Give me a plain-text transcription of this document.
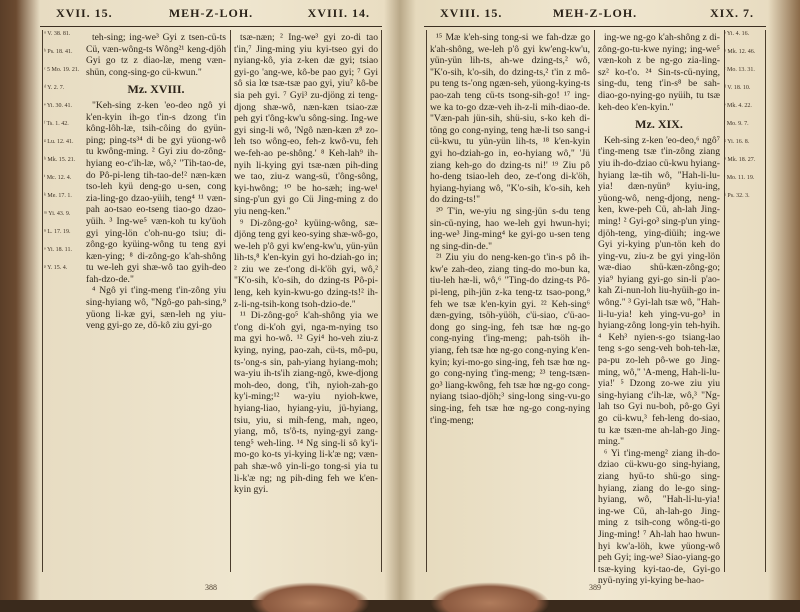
XVII. 15.	MEH-Z-LOH.	XVIII. 14.
ᵅ V. 38. 81.
ᵇ Ps. 18. 41.
ᶜ 5 Mo. 19. 21.
ᵈ Y. 2. 7.
ᵉ Yi. 30. 41.
ᶠ Ts. 1. 42.
ᵍ Lu. 12. 41.
ʰ Mk. 15. 21.
ⁱ Mc. 12. 4.
ᵏ Me. 17. 1.
ᵐ Yi. 43. 9.
ⁿ L. 17. 19.
ᵒ Yi. 18. 11.
ᵖ Y. 15. 4.

teh-sing; ing-we³ Gyi z tsen-cü-ts Cü, væn-wông-ts Wông²¹ keng-djöh Gyi go tz z diao-læ, meng væn-shün, cong-sing-go cü-kwun."

Mz. XVIII.

"Keh-sing z-ken 'eo-deo ngô yi k'en-kyin ih-go t'in-s dzong t'in kông-lôh-læ, tsih-côing do gyün-ping; ping-ts³⁴ di be gyi yüong-wô tu kwông-ming. ² Gyi ziu do-zông-hyiang eo-c'ih-læ, wô,² "Tih-tao-de, do Pô-pi-leng tih-tao-de!² næn-kæn tso-leh kyü deng-go u-sen, cong zia-ling-go dzao-yüih, teng⁴ ¹¹ væn-pah ao-tsao eo-tseng tiao-go dzao-yüih. ³ Ing-we⁵ væn-koh tu ky'üoh gyi ying-lön c'oh-nu-go tsiu; di-zông-go kyüing-wông tu teng gyi kæn-ying; ⁸ di-zông-go k'ah-shông tu we-leh gyi shæ-wô tao gyih-deo fah-dzo-de."

⁴ Ngô yi t'ing-meng t'in-zông yiu sing-hyiang wô, "Ngô-go pah-sing,⁹ yüong li-kæ gyi, sæn-leh ng yiu-veng gyi-go ze, dö-kô ziu gyi-go

tsæ-næn; ² Ing-we³ gyi zo-di tao t'in,⁷ Jing-ming yiu kyi-tseo gyi do nyiang-kô, yia z-ken dæ gyi; tsiao gyi-go 'ang-we, kô-be pao gyi; ⁷ Gyi sô sia lœ tsæ-tsæ pao gyi, yiu⁷ kô-be sia peh gyi. ⁷ Gyi³ zu-djöng zi teng-djong shæ-wô, næn-kæn tsiao-zæ peh gyi t'ông-kw'u sông-sing. Ing-we gyi sing-li wô, 'Ngô næn-kæn z⁸ zo-leh tso wông-eo, feh-z kwô-vu, feh we-feh-ao pe-shông.' ⁸ Keh-lah⁹ ih-nyih li-kying gyi tsæ-næn pih-ding we tao, ziu-z wang-sü, t'ông-sông, kyi-hwông; ¹⁰ be ho-sæh; ing-we¹ sing-p'un gyi go Cü Jing-ming z do yiu neng-ken."

⁹ Di-zông-go² kyüing-wông, sæ-djöng teng gyi keo-sying shæ-wô-go, we-leh p'ô gyi kw'eng-kw'u, yün-yün lih-ts,⁸ k'en-kyin gyi ho-dziah-go in; ² ziu we ze-t'ong di-k'öh gyi, wô,² "K'o-sih, k'o-sih, do dzing-ts Pô-pi-leng, keh kyin-kwu-go dzing-ts!² ih-z-li-ng-tsih-kong tsoh-dzio-de."

¹¹ Di-zông-go⁵ k'ah-shông yia we t'ong di-k'oh gyi, nga-m-nying tso ma gyi ho-wô. ¹² Gyi⁴ ho-veh ziu-z kying, nying, pao-zah, cü-ts, mô-pu, ts-'ong-s sin, pah-yiang hyiang-moh; wa-yiu ih-ts'ih ziang-ngö, kwe-djong moh-deo, dong, t'ih, nyioh-zah-go ky'i-ming;¹² wa-yiu nyioh-kwe, hyiang-liao, hyiang-yiu, jü-hyiang, tsiu, yiu, si mih-feng, mah, ngeo, yiang, mô, ts'ô-ts, nying-gyi zang-teng⁵ weh-ling. ¹⁴ Ng sing-li sô ky'i-mo-go ko-ts yi-kying li-k'æ ng; væn-pah shæ-wô yin-li-go tong-si yia tu li-k'æ ng; ng pih-ding feh we k'en-kyin gyi.

388
XVIII. 15.	MEH-Z-LOH.	XIX. 7.

¹⁵ Mæ k'eh-sing tong-si we fah-dzæ go k'ah-shông, we-leh p'ô gyi kw'eng-kw'u, yün-yün lih-ts, ah-we dzing-ts,² wô, "K'o-sih, k'o-sih, do dzing-ts,² t'in z mô-pu teng ts-'ong ngæn-seh, yüong-kying-ts pao-zah teng cü-ts tsong-sih-go! ¹⁷ ing-we ka to-go dzæ-veh ih-z-li mih-diao-de. "Væn-pah jün-sih, shü-siu, s-ko keh di-töng go cong-nying, teng hæ-li tso sang-i cü-kwu, tu yün-yün lih-ts, ¹⁸ k'en-kyin gyi ho-dziah-go in, eo-hyiang wô," 'Jü ziang keh-go do dzing-ts ni!' ¹⁹ Ziu pô ho-deng tsiao-leh deo, ze-t'ong di-k'öh, hyiang-hyiang wô, "K'o-sih, k'o-sih, keh do dzing-ts!"

²⁰ T'in, we-yiu ng sing-jün s-du teng sin-cü-nying, hao we-leh gyi hwun-hyi; ing-we³ Jing-ming⁴ ke gyi-go u-sen teng ng sing-din-de."

²¹ Ziu yiu do neng-ken-go t'in-s pô ih-kw'e zah-deo, ziang ting-do mo-bun ka, tiu-leh hæ-li, wô,⁶ "Ting-do dzing-ts Pô-pi-leng, pih-jün z-ka teng-tz tsao-pong,⁹ feh we tsæ k'en-kyin gyi. ²² Keh-sing⁶ dæn-gying, tsöh-yüöh, c'ü-siao, c'ü-ao-dong go sing-ing, feh tsæ hœ ng-go cong-nying t'ing-meng; pah-tsöh ih-yiang, feh tsæ hœ ng-go cong-nying k'en-kyin; kyi-mo-go sing-ing, feh tsæ hœ ng-go cong-nying t'ing-meng; ²³ teng-tsæn-go³ liang-kwông, feh tsæ hœ ng-go cong-nyiang tsiao-djöh;³ sing-long sing-vu-go sing-ing, feh tsæ hœ ng-go cong-nying t'ing-meng;

ing-we ng-go k'ah-shông z di-zông-go-tu-kwe nying; ing-we⁵ væn-koh z be ng-go zia-ling-sz² ko-t'o. ²⁴ Sin-ts-cü-nying, sing-du, teng t'in-s⁸ be sah-diao-go-nying-go nyüih, tu tsæ keh-deo k'en-kyin."

Mz. XIX.

Keh-sing z-ken 'eo-deo,⁶ ngô⁷ t'ing-meng tsæ t'in-zông ziang yiu ih-do-dziao cü-kwu hyiang-hyiang læ-tih wô, "Hah-li-lu-yia! dæn-nyün⁹ kyiu-ing, yüong-wô, neng-djong, neng-ken, kwe-peh Cü, ah-lah Jing-ming! ² Gyi-go³ sing-p'un ying-djöh-teng, ying-diüih; ing-we Gyi yi-kying p'un-tön keh do ying-vu, ziu-z be gyi ying-lön wæ-diao shü-kæn-zông-go; yia⁹ hyiang gyi-go sin-li p'ao-kah Zi-nun-loh liu-hyüih-go in-wông." ³ Gyi-lah tsæ wô, "Hah-li-lu-yia! keh ying-vu-go³ in hyiang-zông long-yin teh-hyih. ⁴ Keh³ nyien-s-go tsiang-lao teng s-go seng-veh boh-teh-læ, pa-pu zo-leh pô-we go Jing-ming, wô," 'A-meng, Hah-li-lu-yia!' ⁵ Dzong zo-we ziu yiu sing-hyiang c'ih-læ, wô,³ "Ng-lah tso Gyi nu-boh, pô-go Gyi go cü-kwu,³ feh-leng do-siao, tu kæ tsæn-me ah-lah-go Jing-ming."

⁶ Yi t'ing-meng² ziang ih-do-dziao cü-kwu-go sing-hyiang, ziang hyü-to shü-go sing-hyiang, ziang do le-go sing-hyiang, wô, "Hah-li-lu-yia! ing-we Cü, ah-lah-go Jing-ming z tsih-cong wông-ti-go Jing-ming! ⁷ Ah-lah hao hwun-hyi kw'a-löh, kwe yüong-wô peh Gyi; ing-we³ Siao-yiang-go tsæ-kying kyi-tao-de, Gyi-go nyü-nying yi-kying be-hao-

ᵃ Yi. 4. 16.
ᵇ Mk. 12. 46.
ᶜ Mo. 13. 31.
ᵈ V. 18. 10.
ᵉ Mk. 4. 22.
ᶠ Mo. 9. 7.
ᵍ Yi. 16. 8.
ʰ Mk. 18. 27.
ⁱ Mo. 11. 19.
ᵏ Ps. 32. 3.
389
